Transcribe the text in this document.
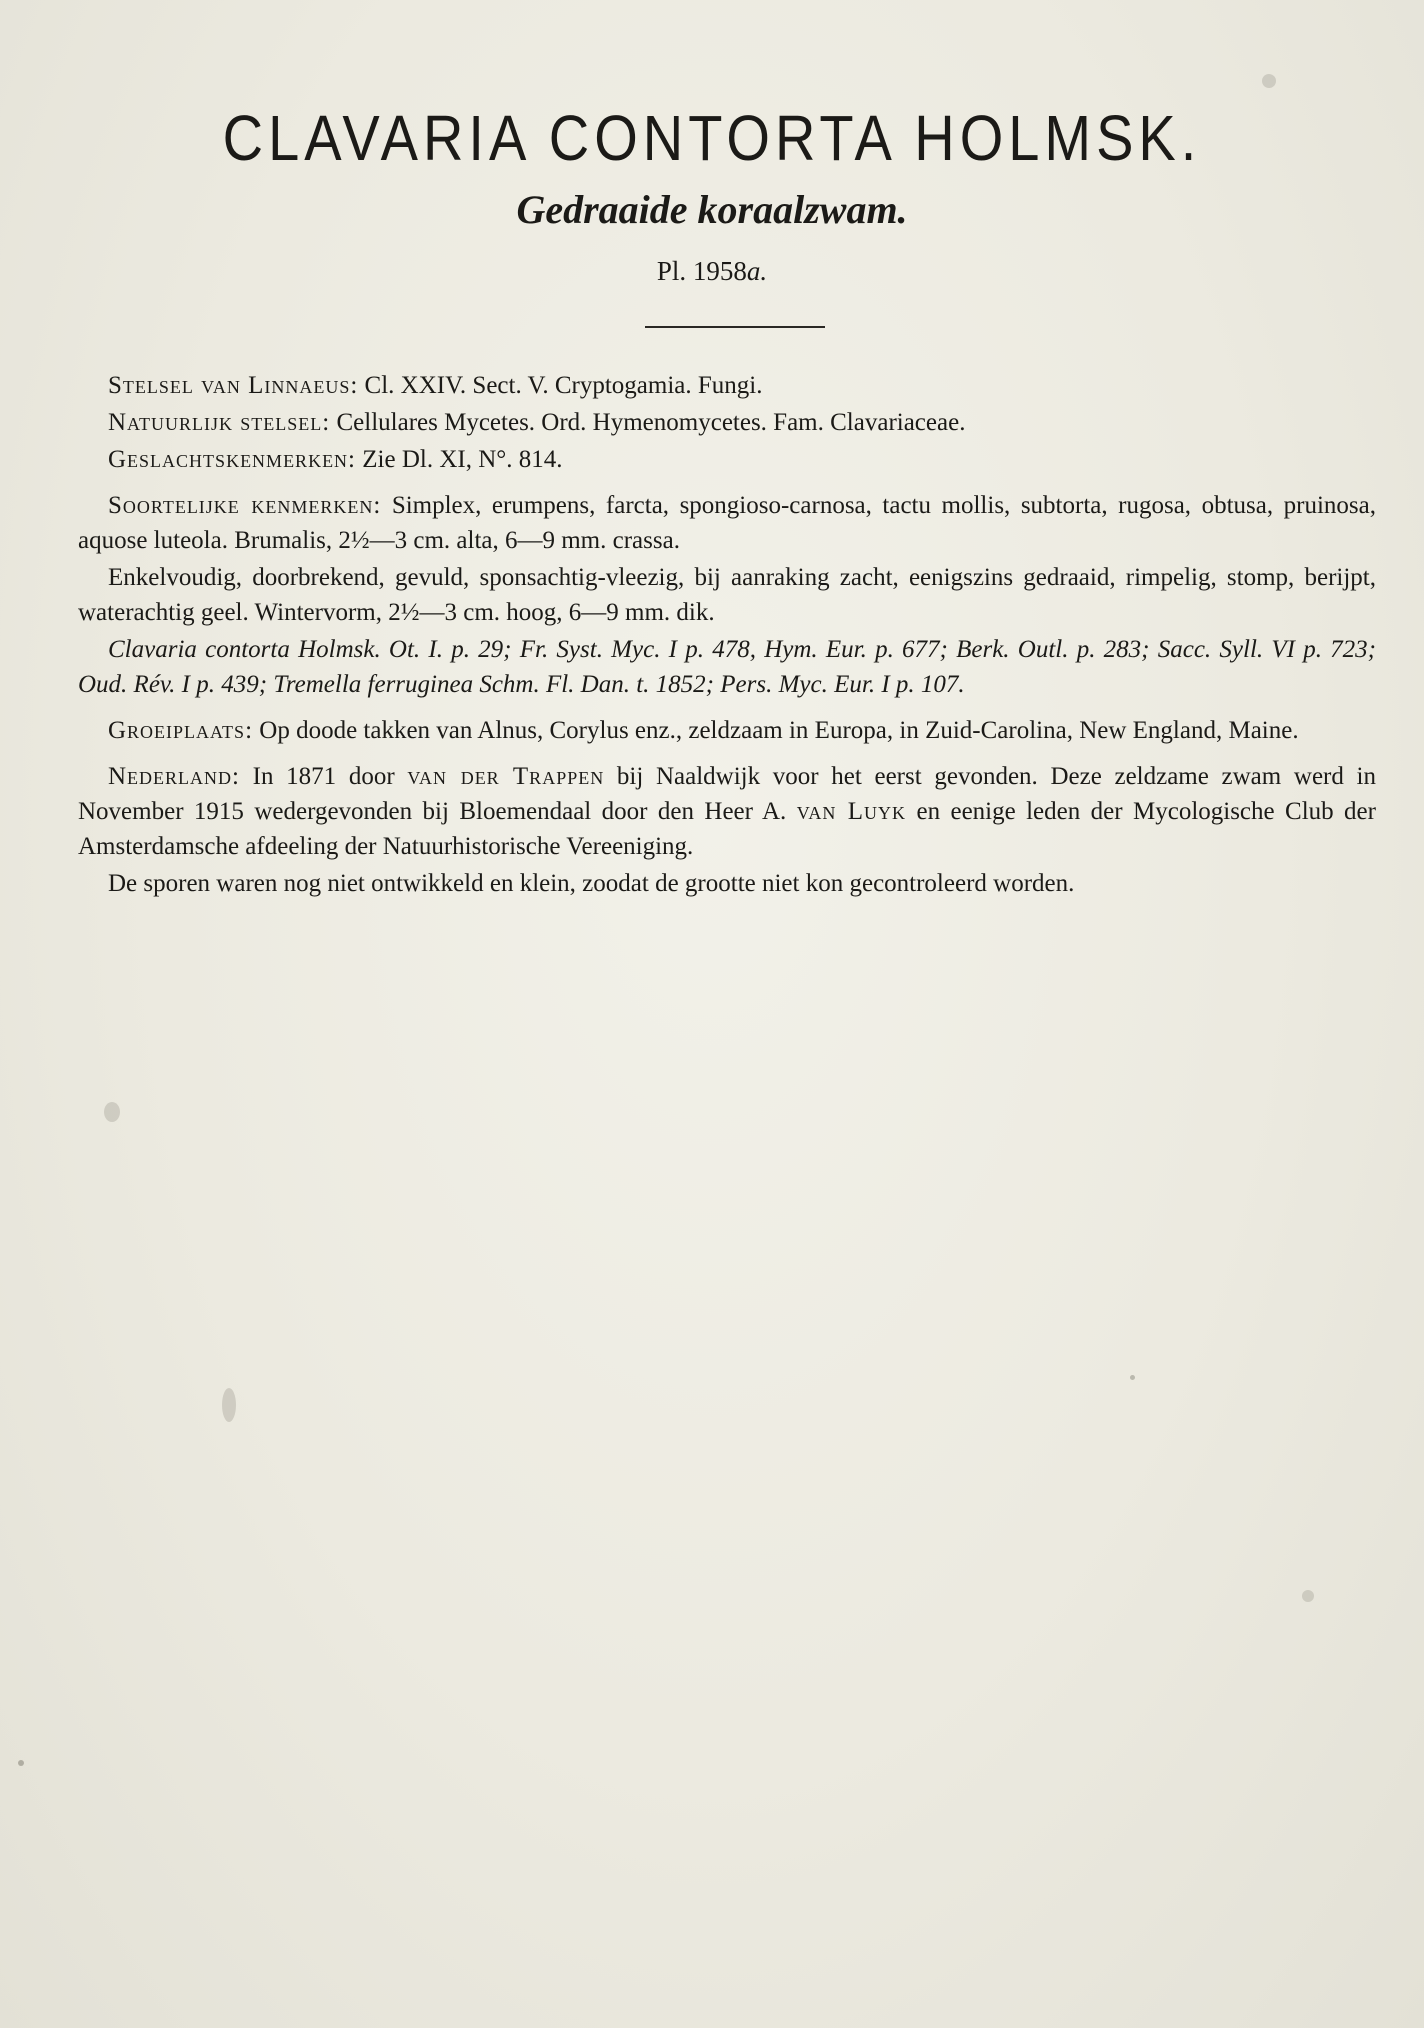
CLAVARIA CONTORTA HOLMSK.
Gedraaide koraalzwam.

Pl. 1958a.

Stelsel van Linnaeus: Cl. XXIV. Sect. V. Cryptogamia. Fungi.

Natuurlijk stelsel: Cellulares Mycetes. Ord. Hymenomycetes. Fam. Clavariaceae.

Geslachtskenmerken: Zie Dl. XI, N°. 814.

Soortelijke kenmerken: Simplex, erumpens, farcta, spongioso-carnosa, tactu mollis, subtorta, rugosa, obtusa, pruinosa, aquose luteola. Brumalis, 2½—3 cm. alta, 6—9 mm. crassa.

Enkelvoudig, doorbrekend, gevuld, sponsachtig-vleezig, bij aanraking zacht, eenigszins gedraaid, rimpelig, stomp, berijpt, waterachtig geel. Wintervorm, 2½—3 cm. hoog, 6—9 mm. dik.

Clavaria contorta Holmsk. Ot. I. p. 29; Fr. Syst. Myc. I p. 478, Hym. Eur. p. 677; Berk. Outl. p. 283; Sacc. Syll. VI p. 723; Oud. Rév. I p. 439; Tremella ferruginea Schm. Fl. Dan. t. 1852; Pers. Myc. Eur. I p. 107.

Groeiplaats: Op doode takken van Alnus, Corylus enz., zeldzaam in Europa, in Zuid-Carolina, New England, Maine.

Nederland: In 1871 door van der Trappen bij Naaldwijk voor het eerst gevonden. Deze zeldzame zwam werd in November 1915 wedergevonden bij Bloemendaal door den Heer A. van Luyk en eenige leden der Mycologische Club der Amsterdamsche afdeeling der Natuurhistorische Vereeniging.

De sporen waren nog niet ontwikkeld en klein, zoodat de grootte niet kon gecontroleerd worden.
